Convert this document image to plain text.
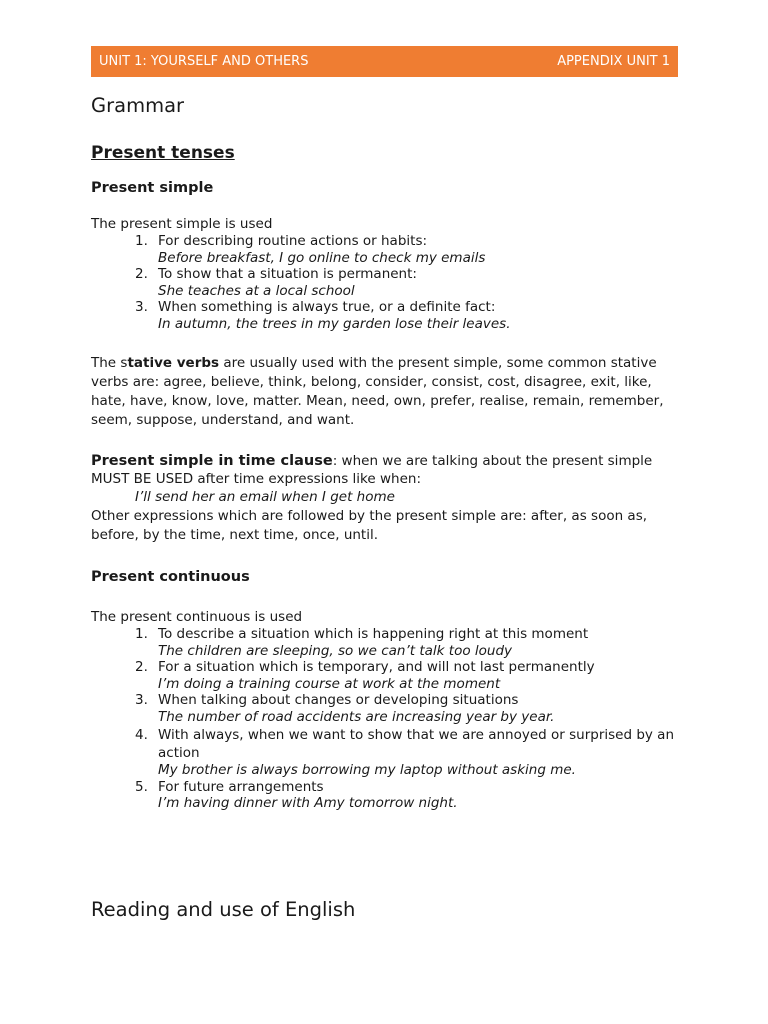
UNIT 1: YOURSELF AND OTHERS	APPENDIX UNIT 1
Grammar
Present tenses
Present simple

The present simple is used

1. For describing routine actions or habits:
Before breakfast, I go online to check my emails
2. To show that a situation is permanent:
She teaches at a local school
3. When something is always true, or a definite fact:
In autumn, the trees in my garden lose their leaves.

The stative verbs are usually used with the present simple, some common stative verbs are: agree, believe, think, belong, consider, consist, cost, disagree, exit, like, hate, have, know, love, matter. Mean, need, own, prefer, realise, remain, remember, seem, suppose, understand, and want.

Present simple in time clause: when we are talking about the present simple MUST BE USED after time expressions like when:

I’ll send her an email when I get home

Other expressions which are followed by the present simple are: after, as soon as, before, by the time, next time, once, until.

Present continuous

The present continuous is used

1. To describe a situation which is happening right at this moment
The children are sleeping, so we can’t talk too loudy
2. For a situation which is temporary, and will not last permanently
I’m doing a training course at work at the moment
3. When talking about changes or developing situations
The number of road accidents are increasing year by year.
4. With always, when we want to show that we are annoyed or surprised by an action
My brother is always borrowing my laptop without asking me.
5. For future arrangements
I’m having dinner with Amy tomorrow night.
Reading and use of English
